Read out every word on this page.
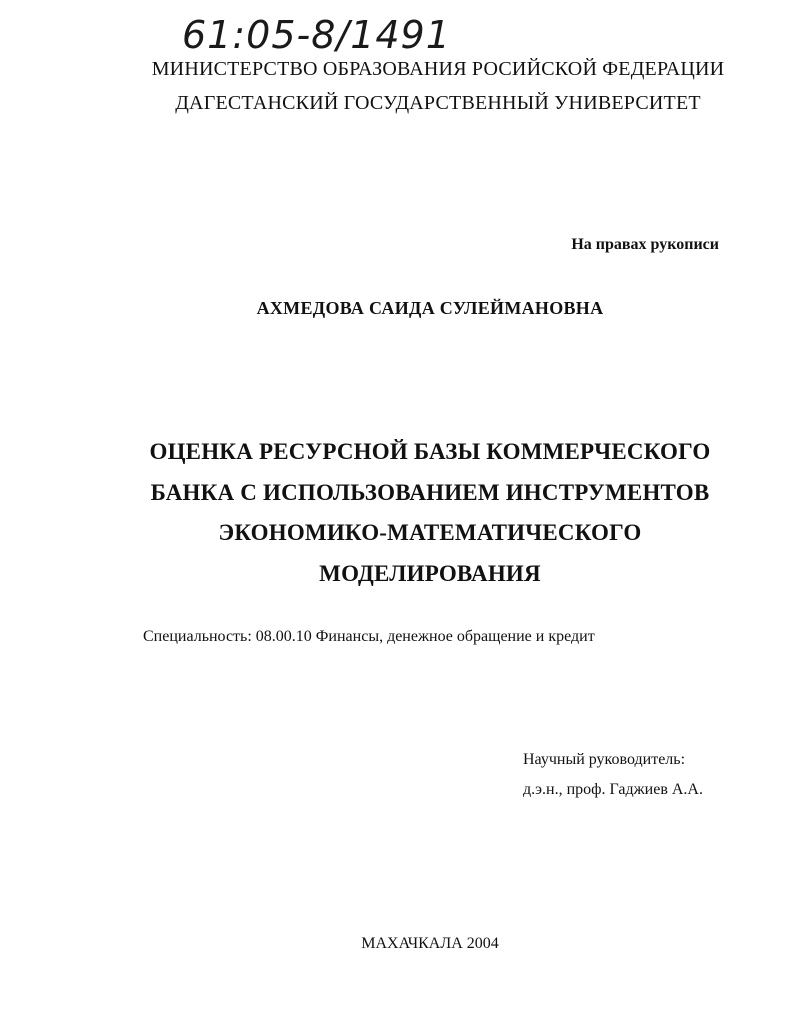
61:05-8/1491
МИНИСТЕРСТВО ОБРАЗОВАНИЯ РОСИЙСКОЙ ФЕДЕРАЦИИ
ДАГЕСТАНСКИЙ ГОСУДАРСТВЕННЫЙ УНИВЕРСИТЕТ
На правах рукописи
АХМЕДОВА САИДА СУЛЕЙМАНОВНА
ОЦЕНКА РЕСУРСНОЙ БАЗЫ КОММЕРЧЕСКОГО
БАНКА С ИСПОЛЬЗОВАНИЕМ ИНСТРУМЕНТОВ
ЭКОНОМИКО-МАТЕМАТИЧЕСКОГО
МОДЕЛИРОВАНИЯ
Специальность: 08.00.10 Финансы, денежное обращение и кредит
Научный руководитель:
д.э.н., проф. Гаджиев А.А.
МАХАЧКАЛА 2004
